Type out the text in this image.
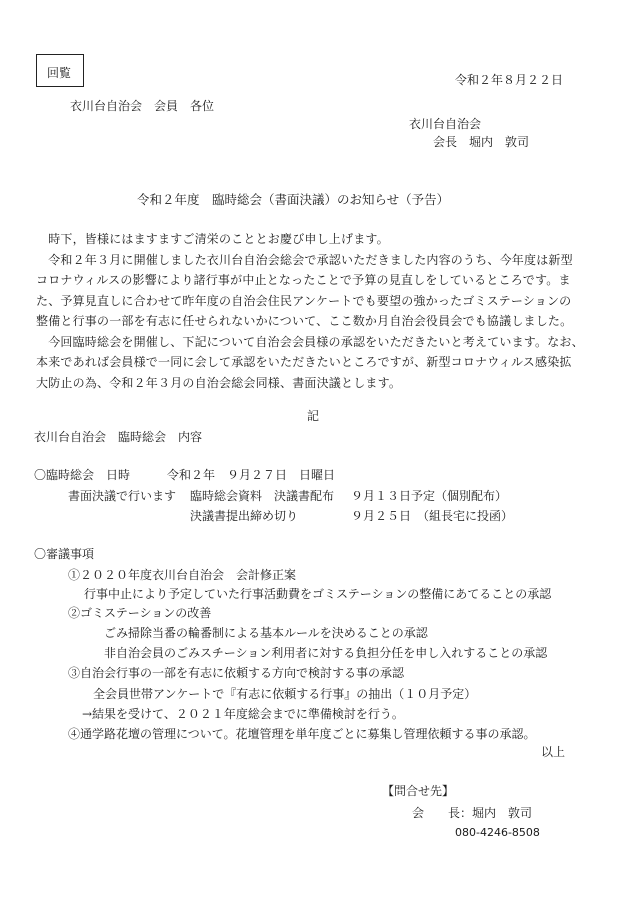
回覧	令和２年８月２２日
衣川台自治会　会員　各位
衣川台自治会
会長　堀内　敦司
令和２年度　臨時総会（書面決議）のお知らせ（予告）

　時下，皆様にはますますご清栄のこととお慶び申し上げます。

　令和２年３月に開催しました衣川台自治会総会で承認いただきました内容のうち、今年度は新型

コロナウィルスの影響により諸行事が中止となったことで予算の見直しをしているところです。ま

た、予算見直しに合わせて昨年度の自治会住民アンケートでも要望の強かったゴミステーションの

整備と行事の一部を有志に任せられないかについて、ここ数か月自治会役員会でも協議しました。

　今回臨時総会を開催し、下記について自治会会員様の承認をいただきたいと考えています。なお、

本来であれば会員様で一同に会して承認をいただきたいところですが、新型コロナウィルス感染拡

大防止の為、令和２年３月の自治会総会同様、書面決議とします。

記
衣川台自治会　臨時総会　内容
〇臨時総会　日時	令和２年　９月２７日　日曜日
書面決議で行います 臨時総会資料　決議書配布 ９月１３日予定（個別配布）
決議書提出締め切り	９月２５日　（組長宅に投函）
〇審議事項
①２０２０年度衣川台自治会　会計修正案
行事中止により予定していた行事活動費をゴミステーションの整備にあてることの承認
②ゴミステーションの改善
ごみ掃除当番の輪番制による基本ルールを決めることの承認
非自治会員のごみスチーション利用者に対する負担分任を申し入れすることの承認
③自治会行事の一部を有志に依頼する方向で検討する事の承認
全会員世帯アンケートで『有志に依頼する行事』の抽出（１０月予定）
→結果を受けて、２０２１年度総会までに準備検討を行う。
④通学路花壇の管理について。花壇管理を単年度ごとに募集し管理依頼する事の承認。
以上
【問合せ先】
会　　長：堀内　敦司
080-4246-8508
